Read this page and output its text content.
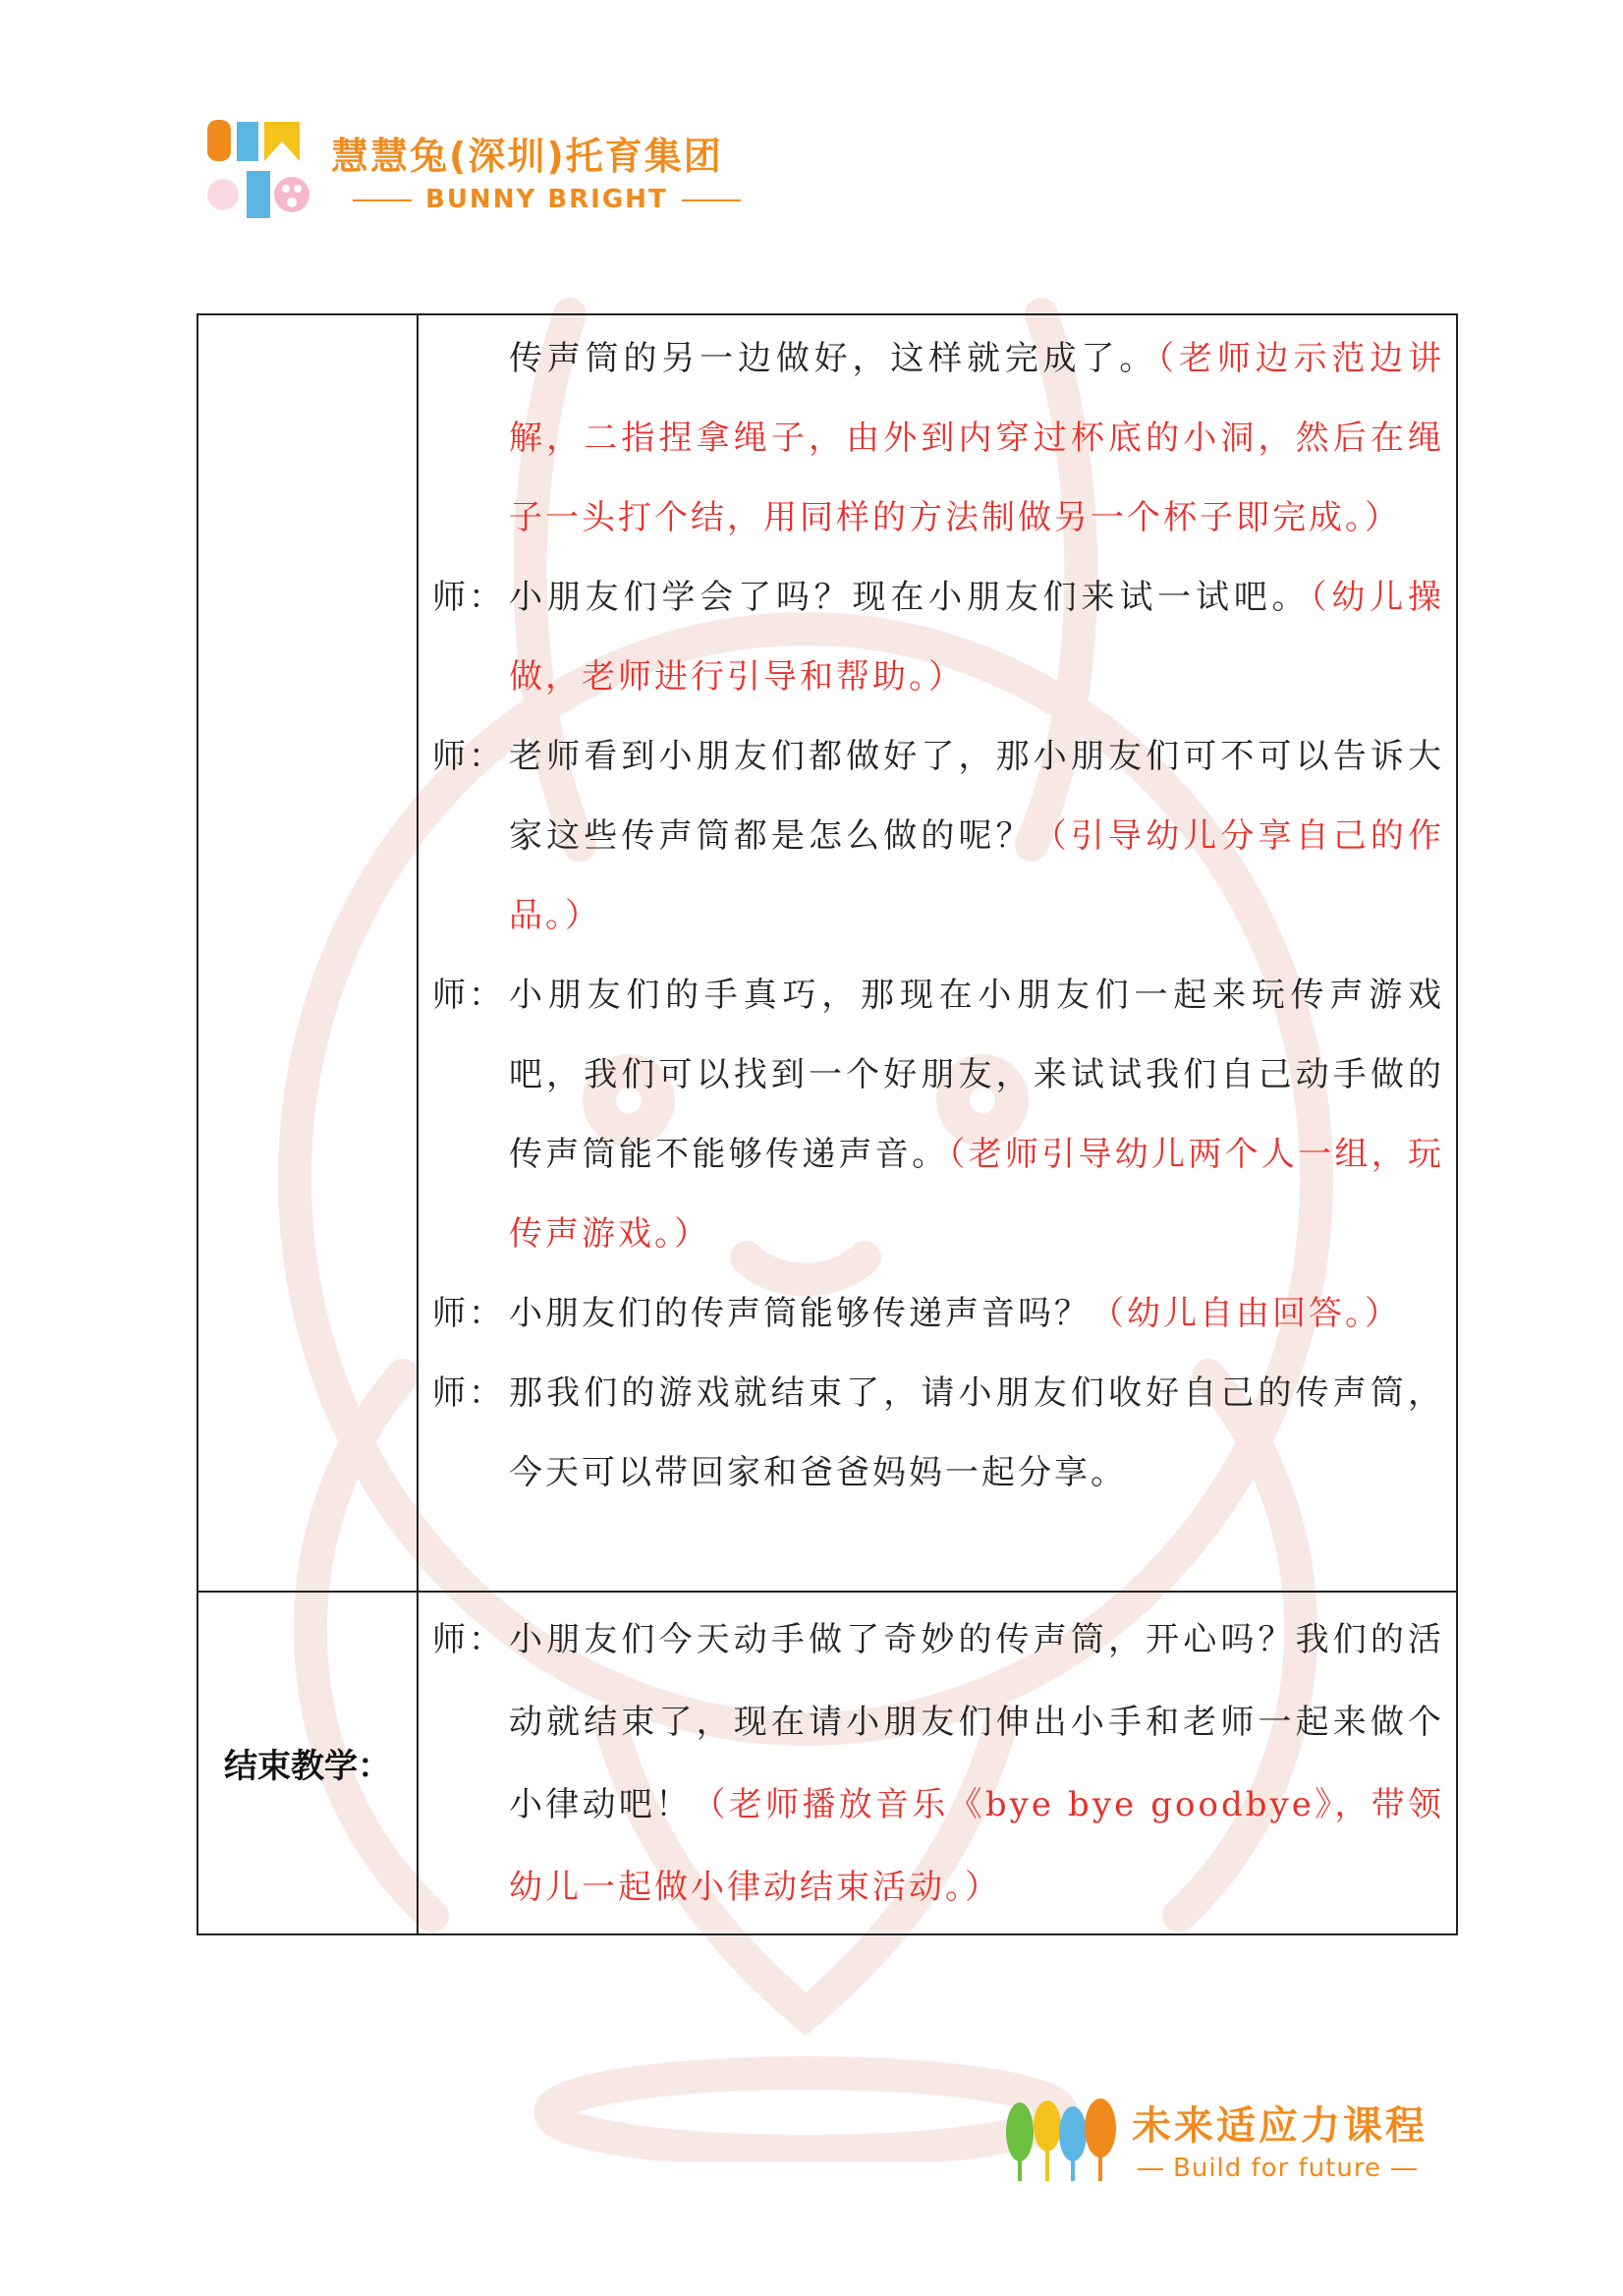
慧慧兔(深圳)托育集团
BUNNY BRIGHT
传声筒的另一边做好，这样就完成了。（老师边示范边讲解，二指捏拿绳子，由外到内穿过杯底的小洞，然后在绳子一头打个结，用同样的方法制做另一个杯子即完成。）
师： 小朋友们学会了吗？现在小朋友们来试一试吧。（幼儿操做，老师进行引导和帮助。）
师： 老师看到小朋友们都做好了，那小朋友们可不可以告诉大家这些传声筒都是怎么做的呢？（引导幼儿分享自己的作品。）
师： 小朋友们的手真巧，那现在小朋友们一起来玩传声游戏吧，我们可以找到一个好朋友，来试试我们自己动手做的传声筒能不能够传递声音。（老师引导幼儿两个人一组，玩传声游戏。）
师： 小朋友们的传声筒能够传递声音吗？（幼儿自由回答。）
师： 那我们的游戏就结束了，请小朋友们收好自己的传声筒，今天可以带回家和爸爸妈妈一起分享。
结束教学：
师： 小朋友们今天动手做了奇妙的传声筒，开心吗？我们的活动就结束了，现在请小朋友们伸出小手和老师一起来做个小律动吧！（老师播放音乐《bye bye goodbye》，带领幼儿一起做小律动结束活动。）
未来适应力课程
Build for future
